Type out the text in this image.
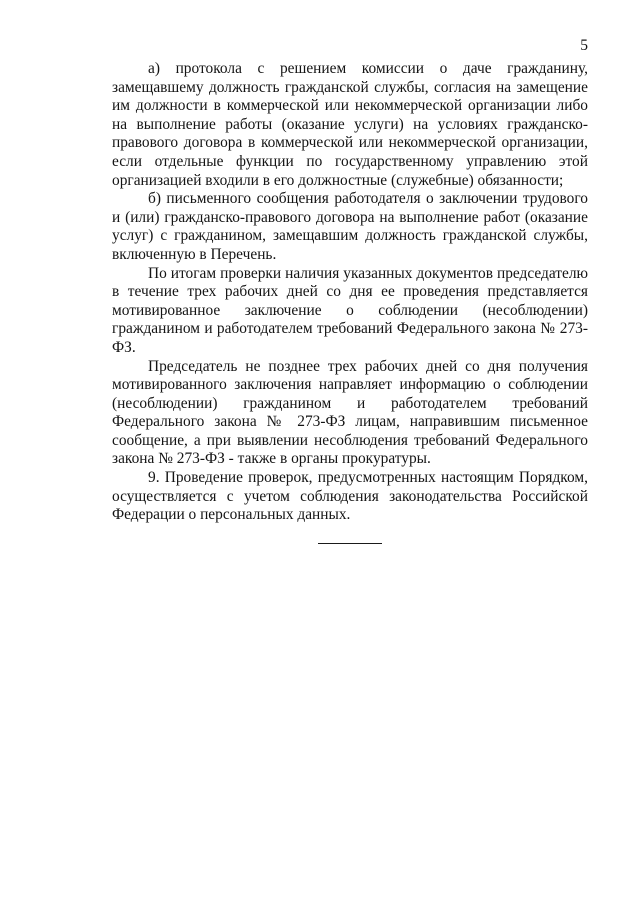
5

а) протокола с решением комиссии о даче гражданину, замещавшему должность гражданской службы, согласия на замещение им должности в коммерческой или некоммерческой организации либо на выполнение работы (оказание услуги) на условиях гражданско-правового договора в коммерческой или некоммерческой организации, если отдельные функции по государственному управлению этой организацией входили в его должностные (служебные) обязанности;

б) письменного сообщения работодателя о заключении трудового и (или) гражданско-правового договора на выполнение работ (оказание услуг) с гражданином, замещавшим должность гражданской службы, включенную в Перечень.

По итогам проверки наличия указанных документов председателю в течение трех рабочих дней со дня ее проведения представляется мотивированное заключение о соблюдении (несоблюдении) гражданином и работодателем требований Федерального закона № 273-ФЗ.

Председатель не позднее трех рабочих дней со дня получения мотивированного заключения направляет информацию о соблюдении (несоблюдении) гражданином и работодателем требований Федерального закона № 273-ФЗ лицам, направившим письменное сообщение, а при выявлении несоблюдения требований Федерального закона № 273-ФЗ - также в органы прокуратуры.

9. Проведение проверок, предусмотренных настоящим Порядком, осуществляется с учетом соблюдения законодательства Российской Федерации о персональных данных.
